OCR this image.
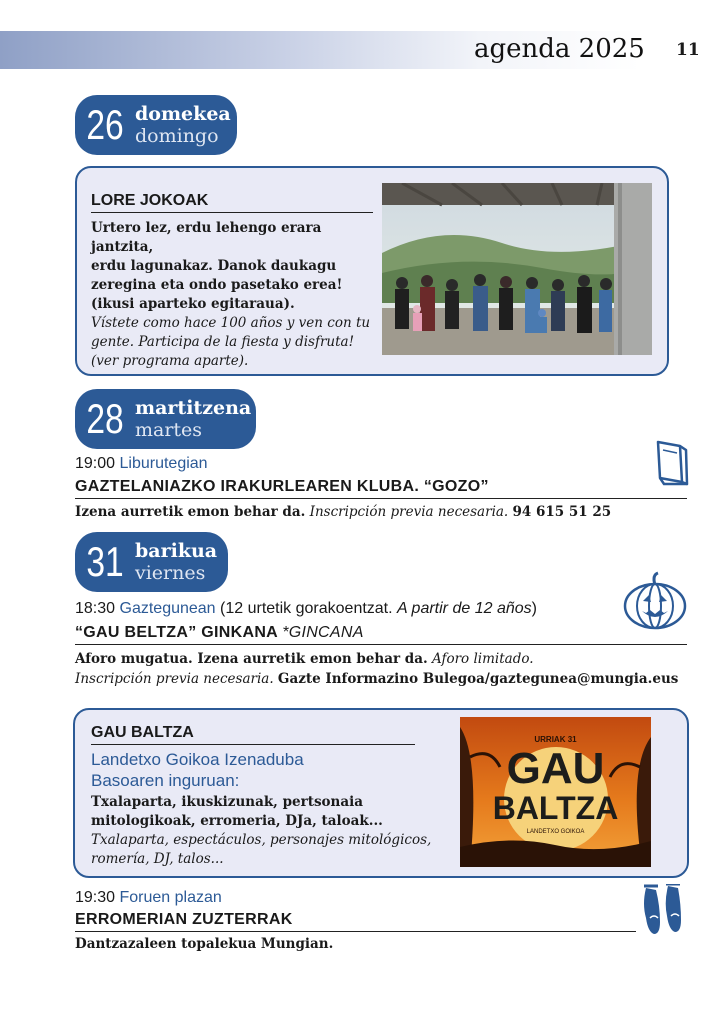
agenda 2025 11
26 domekea
domingo
LORE JOKOAK
Urtero lez, erdu lehengo erara jantzita,
erdu lagunakaz. Danok daukagu
zeregina eta ondo pasetako erea!
(ikusi aparteko egitaraua).
Vístete como hace 100 años y ven con tu
gente. Participa de la fiesta y disfruta!
(ver programa aparte).
28 martitzena
martes
19:00 Liburutegian
GAZTELANIAZKO IRAKURLEAREN KLUBA. “GOZO”
Izena aurretik emon behar da. Inscripción previa necesaria. 94 615 51 25
31 barikua
viernes
18:30 Gaztegunean (12 urtetik gorakoentzat. A partir de 12 años)
“GAU BELTZA” GINKANA *GINCANA
Aforo mugatua. Izena aurretik emon behar da. Aforo limitado.
Inscripción previa necesaria. Gazte Informazino Bulegoa/gaztegunea@mungia.eus
GAU BALTZA
Landetxo Goikoa Izenaduba
Basoaren inguruan:
Txalaparta, ikuskizunak, pertsonaia
mitologikoak, erromeria, DJa, taloak...
Txalaparta, espectáculos, personajes mitológicos,
romería, DJ, talos...
URRIAK 31
GAU
BALTZA
LANDETXO GOIKOA
19:30 Foruen plazan
ERROMERIAN ZUZTERRAK
Dantzazaleen topalekua Mungian.
